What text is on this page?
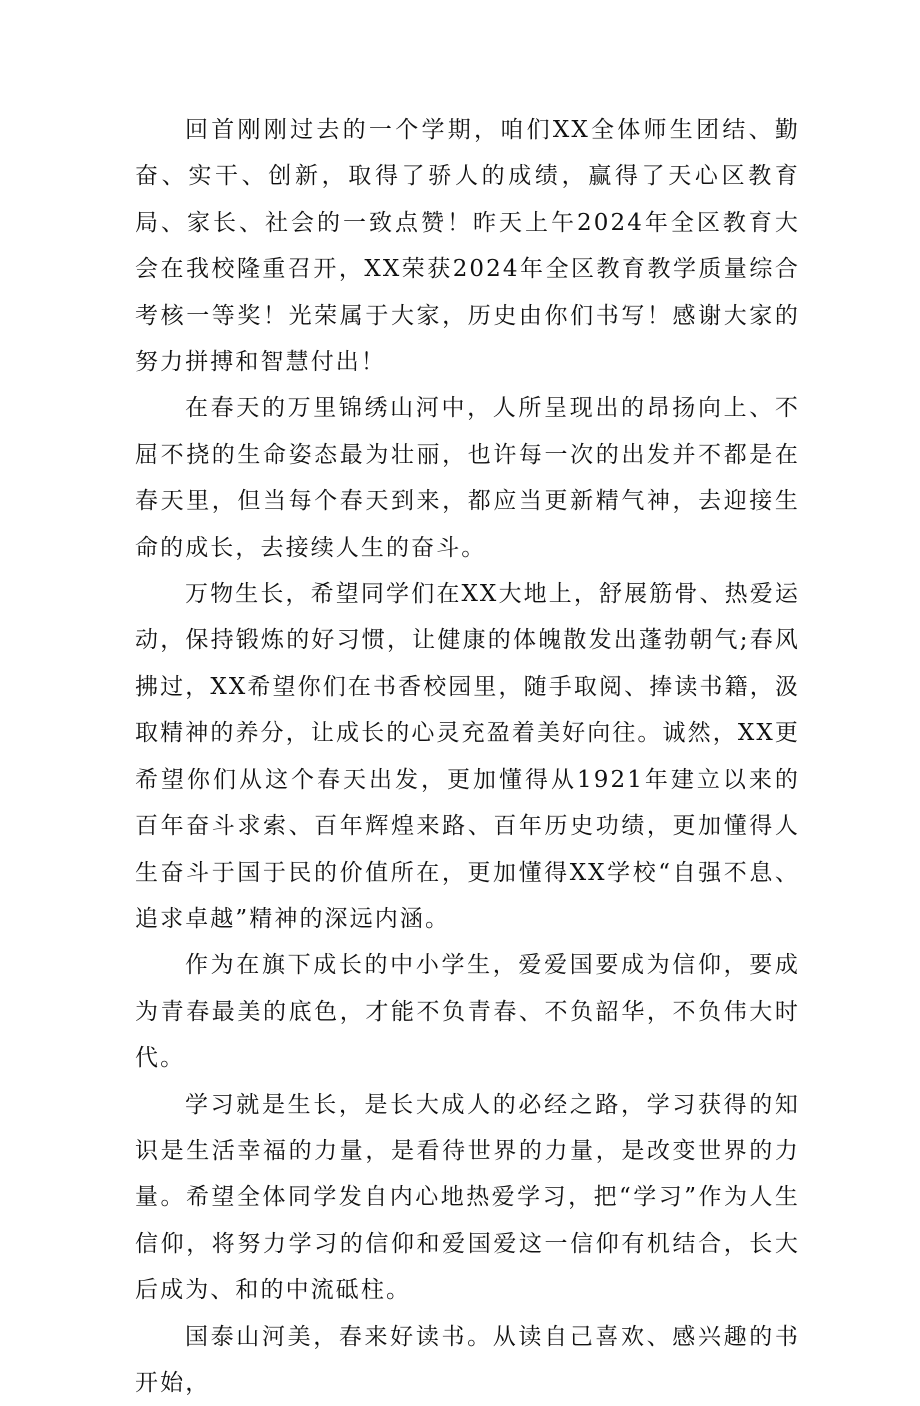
回首刚刚过去的一个学期，咱们XX全体师生团结、勤奋、实干、创新，取得了骄人的成绩，赢得了天心区教育局、家长、社会的一致点赞！昨天上午2024年全区教育大会在我校隆重召开，XX荣获2024年全区教育教学质量综合考核一等奖！光荣属于大家，历史由你们书写！感谢大家的努力拼搏和智慧付出！

在春天的万里锦绣山河中，人所呈现出的昂扬向上、不屈不挠的生命姿态最为壮丽，也许每一次的出发并不都是在春天里，但当每个春天到来，都应当更新精气神，去迎接生命的成长，去接续人生的奋斗。

万物生长，希望同学们在XX大地上，舒展筋骨、热爱运动，保持锻炼的好习惯，让健康的体魄散发出蓬勃朝气;春风拂过，XX希望你们在书香校园里，随手取阅、捧读书籍，汲取精神的养分，让成长的心灵充盈着美好向往。诚然，XX更希望你们从这个春天出发，更加懂得从1921年建立以来的百年奋斗求索、百年辉煌来路、百年历史功绩，更加懂得人生奋斗于国于民的价值所在，更加懂得XX学校“自强不息、追求卓越”精神的深远内涵。

作为在旗下成长的中小学生，爱爱国要成为信仰，要成为青春最美的底色，才能不负青春、不负韶华，不负伟大时代。

学习就是生长，是长大成人的必经之路，学习获得的知识是生活幸福的力量，是看待世界的力量，是改变世界的力量。希望全体同学发自内心地热爱学习，把“学习”作为人生信仰，将努力学习的信仰和爱国爱这一信仰有机结合，长大后成为、和的中流砥柱。

国泰山河美，春来好读书。从读自己喜欢、感兴趣的书开始，
